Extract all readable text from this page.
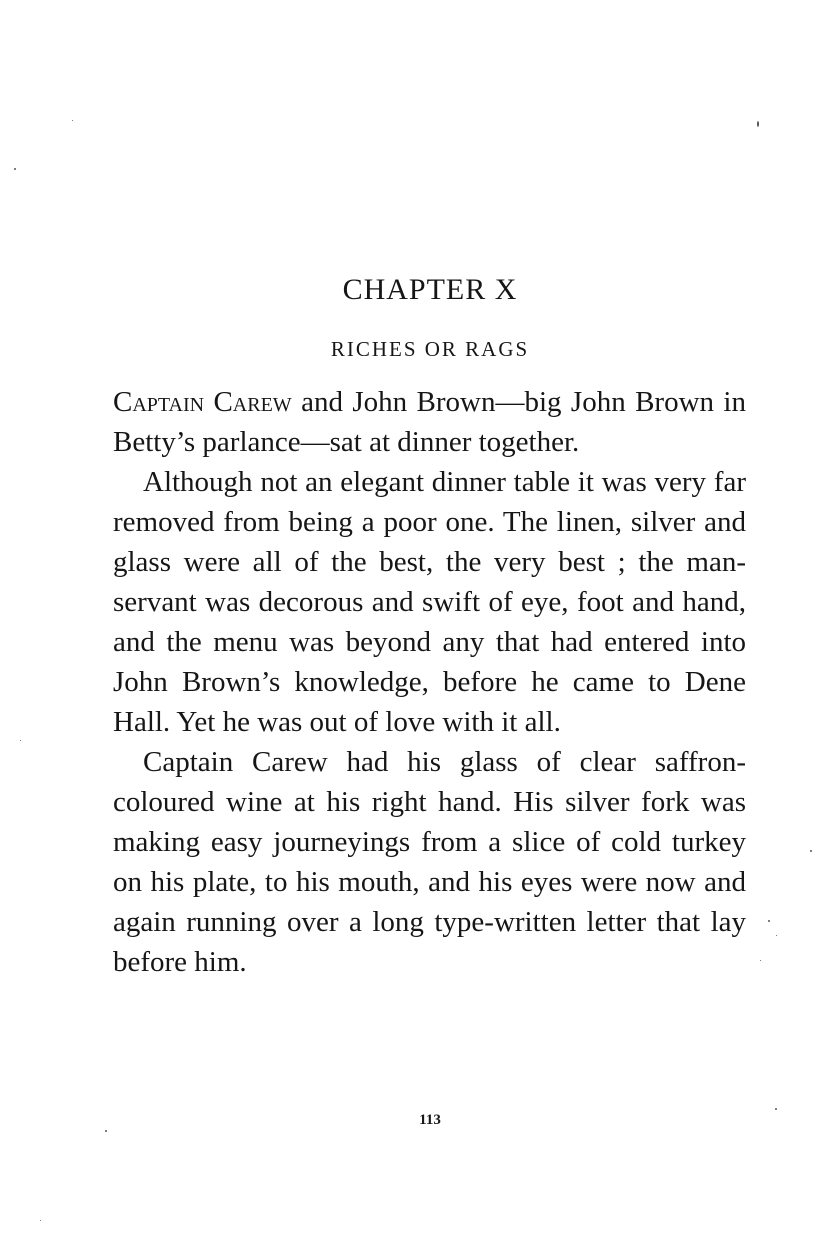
CHAPTER X
RICHES OR RAGS

Captain Carew and John Brown—big John Brown in Betty’s parlance—sat at dinner together.

Although not an elegant dinner table it was very far removed from being a poor one. The linen, silver and glass were all of the best, the very best ; the man-servant was decorous and swift of eye, foot and hand, and the menu was beyond any that had entered into John Brown’s knowledge, before he came to Dene Hall. Yet he was out of love with it all.

Captain Carew had his glass of clear saffron-coloured wine at his right hand. His silver fork was making easy journeyings from a slice of cold turkey on his plate, to his mouth, and his eyes were now and again running over a long type-written letter that lay before him.

113
